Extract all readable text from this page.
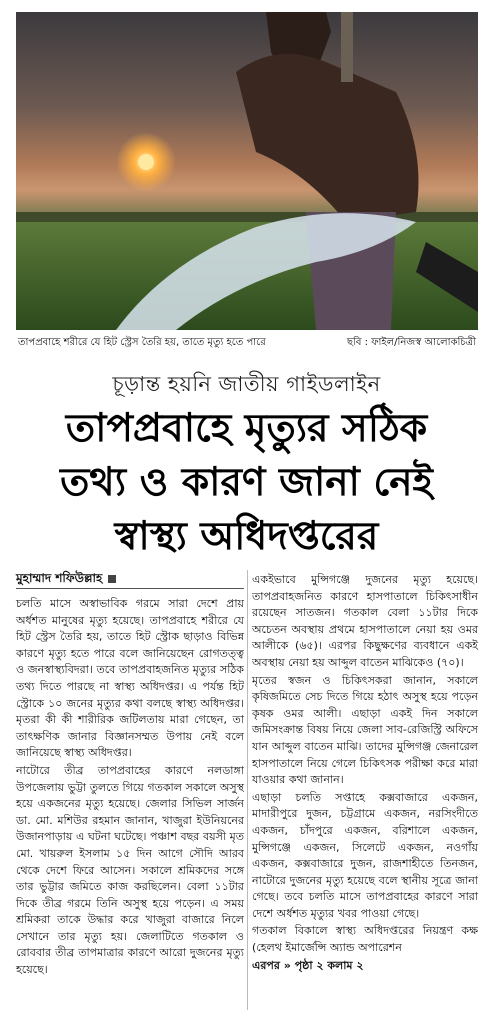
তাপপ্রবাহে শরীরে যে হিট স্ট্রেস তৈরি হয়, তাতে মৃত্যু হতে পারে	ছবি : ফাইল/নিজস্ব আলোকচিত্রী
চূড়ান্ত হয়নি জাতীয় গাইডলাইন
তাপপ্রবাহে মৃত্যুর সঠিক
তথ্য ও কারণ জানা নেই
স্বাস্থ্য অধিদপ্তরের
মুহাম্মাদ শফিউল্লাহ

চলতি মাসে অস্বাভাবিক গরমে সারা দেশে প্রায় অর্ধশত মানুষের মৃত্যু হয়েছে। তাপপ্রবাহে শরীরে যে হিট স্ট্রেস তৈরি হয়, তাতে হিট স্ট্রোক ছাড়াও বিভিন্ন কারণে মৃত্যু হতে পারে বলে জানিয়েছেন রোগতত্ত্ব ও জনস্বাস্থ্যবিদরা। তবে তাপপ্রবাহজনিত মৃত্যুর সঠিক তথ্য দিতে পারছে না স্বাস্থ্য অধিদপ্তর। এ পর্যন্ত হিট স্ট্রোকে ১০ জনের মৃত্যুর কথা বলছে স্বাস্থ্য অধিদপ্তর। মৃতরা কী কী শারীরিক জটিলতায় মারা গেছেন, তা তাৎক্ষণিক জানার বিজ্ঞানসম্মত উপায় নেই বলে জানিয়েছে স্বাস্থ্য অধিদপ্তর।

নাটোরে তীব্র তাপপ্রবাহের কারণে নলডাঙ্গা উপজেলায় ভুট্টা তুলতে গিয়ে গতকাল সকালে অসুস্থ হয়ে একজনের মৃত্যু হয়েছে। জেলার সিভিল সার্জন ডা. মো. মশিউর রহমান জানান, খাজুরা ইউনিয়নের উজানপাড়ায় এ ঘটনা ঘটেছে। পঞ্চাশ বছর বয়সী মৃত মো. খায়রুল ইসলাম ১৫ দিন আগে সৌদি আরব থেকে দেশে ফিরে আসেন। সকালে শ্রমিকদের সঙ্গে তার ভুট্টার জমিতে কাজ করছিলেন। বেলা ১১টার দিকে তীব্র গরমে তিনি অসুস্থ হয়ে পড়েন। এ সময় শ্রমিকরা তাকে উদ্ধার করে খাজুরা বাজারে নিলে সেখানে তার মৃত্যু হয়। জেলাটিতে গতকাল ও রোববার তীব্র তাপমাত্রার কারণে আরো দুজনের মৃত্যু হয়েছে।

একইভাবে মুন্সিগঞ্জে দুজনের মৃত্যু হয়েছে। তাপপ্রবাহজনিত কারণে হাসপাতালে চিকিৎসাধীন রয়েছেন সাতজন। গতকাল বেলা ১১টার দিকে অচেতন অবস্থায় প্রথমে হাসপাতালে নেয়া হয় ওমর আলীকে (৬৫)। এরপর কিছুক্ষণের ব্যবধানে একই অবস্থায় নেয়া হয় আব্দুল বাতেন মাঝিকেও (৭০)।

মৃতের স্বজন ও চিকিৎসকরা জানান, সকালে কৃষিজমিতে সেচ দিতে গিয়ে হঠাৎ অসুস্থ হয়ে পড়েন কৃষক ওমর আলী। এছাড়া একই দিন সকালে জমিসংক্রান্ত বিষয় নিয়ে জেলা সাব-রেজিস্ট্রি অফিসে যান আব্দুল বাতেন মাঝি। তাদের মুন্সিগঞ্জ জেনারেল হাসপাতালে নিয়ে গেলে চিকিৎসক পরীক্ষা করে মারা যাওয়ার কথা জানান।

এছাড়া চলতি সপ্তাহে কক্সবাজারে একজন, মাদারীপুরে দুজন, চট্টগ্রামে একজন, নরসিংদীতে একজন, চাঁদপুরে একজন, বরিশালে একজন, মুন্সিগঞ্জে একজন, সিলেটে একজন, নওগাঁয় একজন, কক্সবাজারে দুজন, রাজশাহীতে তিনজন, নাটোরে দুজনের মৃত্যু হয়েছে বলে স্থানীয় সূত্রে জানা গেছে। তবে চলতি মাসে তাপপ্রবাহের কারণে সারা দেশে অর্ধশত মৃত্যুর খবর পাওয়া গেছে।

গতকাল বিকালে স্বাস্থ্য অধিদপ্তরের নিয়ন্ত্রণ কক্ষ (হেলথ ইমার্জেন্সি অ্যান্ড অপারেশন

এরপর » পৃষ্ঠা ২ কলাম ২
